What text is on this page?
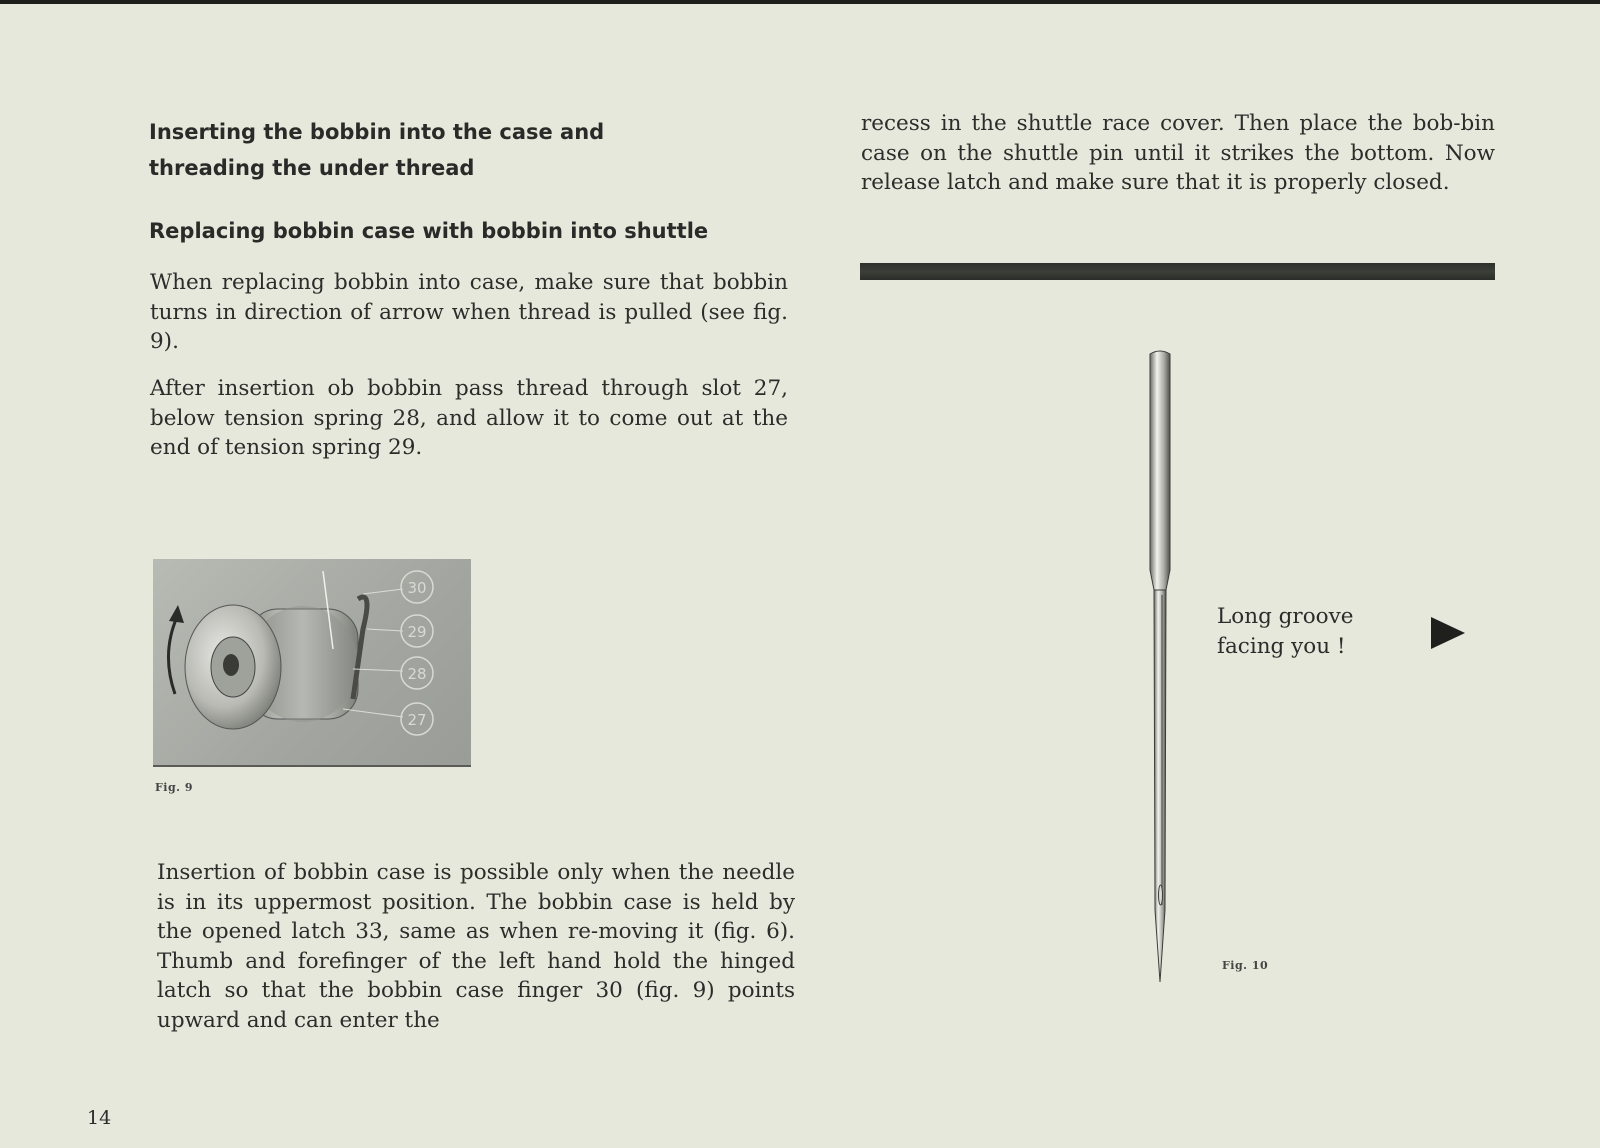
Inserting the bobbin into the case and
threading the under thread
Replacing bobbin case with bobbin into shuttle

When replacing bobbin into case, make sure that bobbin turns in direction of arrow when thread is pulled (see fig. 9).

After insertion ob bobbin pass thread through slot 27, below tension spring 28, and allow it to come out at the end of tension spring 29.

30
29
28
27
Fig. 9

Insertion of bobbin case is possible only when the needle is in its uppermost position. The bobbin case is held by the opened latch 33, same as when re-moving it (fig. 6). Thumb and forefinger of the left hand hold the hinged latch so that the bobbin case finger 30 (fig. 9) points upward and can enter the

14

recess in the shuttle race cover. Then place the bob-bin case on the shuttle pin until it strikes the bottom. Now release latch and make sure that it is properly closed.

Long groove
facing you !

Fig. 10
